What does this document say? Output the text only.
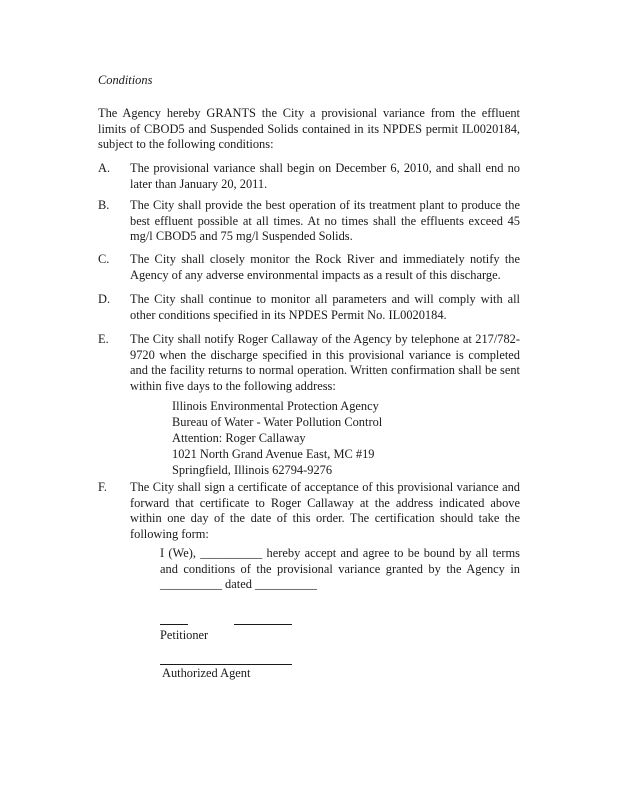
Conditions
The Agency hereby GRANTS the City a provisional variance from the effluent limits of CBOD5 and Suspended Solids contained in its NPDES permit IL0020184, subject to the following conditions:
A.	The provisional variance shall begin on December 6, 2010, and shall end no later than January 20, 2011.
B.	The City shall provide the best operation of its treatment plant to produce the best effluent possible at all times. At no times shall the effluents exceed 45 mg/l CBOD5 and 75 mg/l Suspended Solids.
C.	The City shall closely monitor the Rock River and immediately notify the Agency of any adverse environmental impacts as a result of this discharge.
D.	The City shall continue to monitor all parameters and will comply with all other conditions specified in its NPDES Permit No. IL0020184.
E.	The City shall notify Roger Callaway of the Agency by telephone at 217/782-9720 when the discharge specified in this provisional variance is completed and the facility returns to normal operation. Written confirmation shall be sent within five days to the following address:
Illinois Environmental Protection Agency
Bureau of Water - Water Pollution Control
Attention: Roger Callaway
1021 North Grand Avenue East, MC #19
Springfield, Illinois 62794-9276
F.	The City shall sign a certificate of acceptance of this provisional variance and forward that certificate to Roger Callaway at the address indicated above within one day of the date of this order. The certification should take the following form:
I (We), __________ hereby accept and agree to be bound by all terms and conditions of the provisional variance granted by the Agency in __________ dated __________
Petitioner
Authorized Agent
